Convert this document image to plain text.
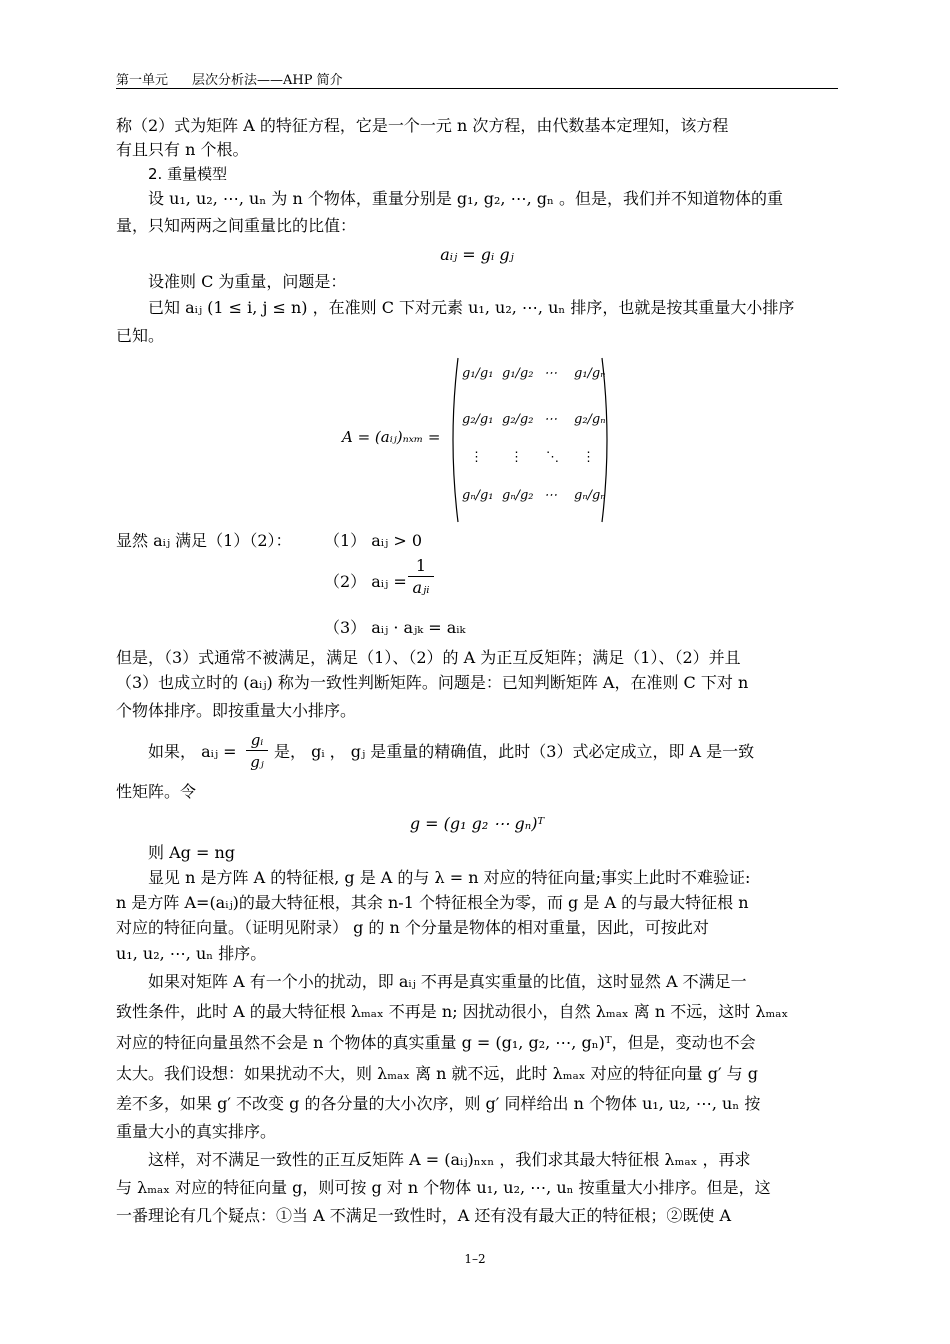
第一单元 层次分析法——AHP 简介
称（2）式为矩阵 A 的特征方程，它是一个一元 n 次方程，由代数基本定理知，该方程
有且只有 n 个根。
2. 重量模型
设 u₁, u₂, ⋯, uₙ 为 n 个物体，重量分别是 g₁, g₂, ⋯, gₙ 。但是，我们并不知道物体的重
量，只知两两之间重量比的比值：
aᵢⱼ = gᵢ gⱼ
设准则 C 为重量，问题是：
已知 aᵢⱼ (1 ≤ i, j ≤ n) ，在准则 C 下对元素 u₁, u₂, ⋯, uₙ 排序，也就是按其重量大小排序
已知。
A = (aᵢⱼ)ₙₓₘ =
g₁/g₁ g₁/g₂ ⋯ g₁/gₙ
g₂/g₁ g₂/g₂ ⋯ g₂/gₙ
⋮ ⋮ ⋱ ⋮
gₙ/g₁ gₙ/g₂ ⋯ gₙ/gₙ
显然 aᵢⱼ 满足（1）（2）：	（1） aᵢⱼ > 0
（2） aᵢⱼ =
1
aⱼᵢ
（3） aᵢⱼ · aⱼₖ = aᵢₖ
但是，（3）式通常不被满足，满足（1）、（2）的 A 为正互反矩阵；满足（1）、（2）并且
（3）也成立时的 (aᵢⱼ) 称为一致性判断矩阵。问题是：已知判断矩阵 A，在准则 C 下对 n
个物体排序。即按重量大小排序。
如果， aᵢⱼ = $\frac{\text{gᵢ}}{\text{gⱼ}}$ 是， gᵢ ， gⱼ 是重量的精确值，此时（3）式必定成立，即 A 是一致
性矩阵。令
g = (g₁ g₂ ⋯ gₙ)ᵀ
则 Ag = ng
显见 n 是方阵 A 的特征根, g 是 A 的与 λ = n 对应的特征向量;事实上此时不难验证:
n 是方阵 A=(aᵢⱼ)的最大特征根，其余 n-1 个特征根全为零，而 g 是 A 的与最大特征根 n
对应的特征向量。（证明见附录） g 的 n 个分量是物体的相对重量，因此，可按此对
u₁, u₂, ⋯, uₙ 排序。
如果对矩阵 A 有一个小的扰动，即 aᵢⱼ 不再是真实重量的比值，这时显然 A 不满足一
致性条件，此时 A 的最大特征根 λₘₐₓ 不再是 n; 因扰动很小，自然 λₘₐₓ 离 n 不远，这时 λₘₐₓ
对应的特征向量虽然不会是 n 个物体的真实重量 g = (g₁, g₂, ⋯, gₙ)ᵀ，但是，变动也不会
太大。我们设想：如果扰动不大，则 λₘₐₓ 离 n 就不远，此时 λₘₐₓ 对应的特征向量 g′ 与 g
差不多，如果 g′ 不改变 g 的各分量的大小次序，则 g′ 同样给出 n 个物体 u₁, u₂, ⋯, uₙ 按
重量大小的真实排序。
这样，对不满足一致性的正互反矩阵 A = (aᵢⱼ)ₙₓₙ ，我们求其最大特征根 λₘₐₓ ，再求
与 λₘₐₓ 对应的特征向量 g，则可按 g 对 n 个物体 u₁, u₂, ⋯, uₙ 按重量大小排序。但是，这
一番理论有几个疑点：①当 A 不满足一致性时，A 还有没有最大正的特征根；②既使 A
1–2
